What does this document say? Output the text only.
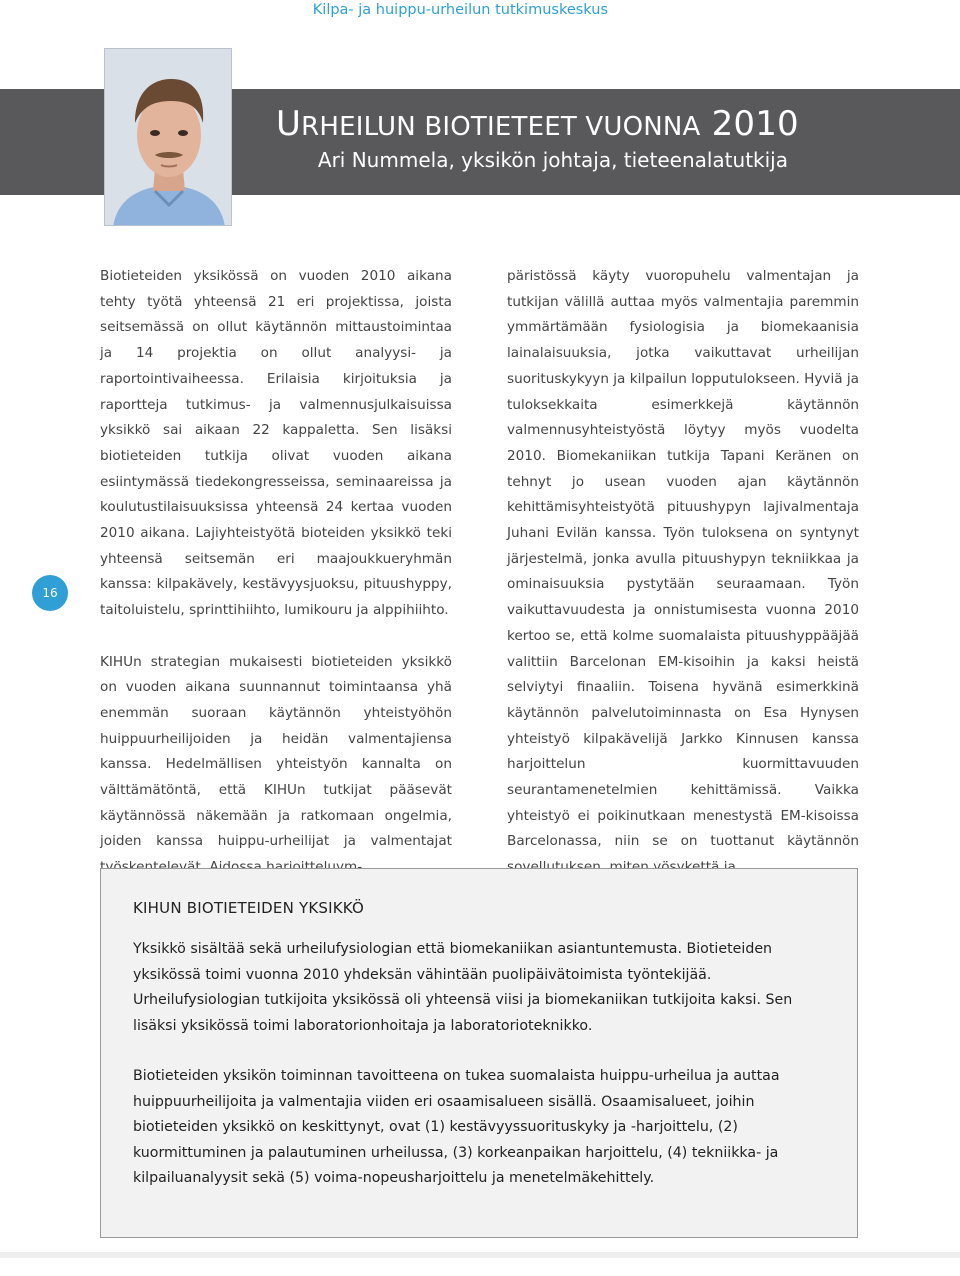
Kilpa- ja huippu-urheilun tutkimuskeskus
URHEILUN BIOTIETEET VUONNA 2010
Ari Nummela, yksikön johtaja, tieteenalatutkija
16

Biotieteiden yksikössä on vuoden 2010 aikana tehty työtä yhteensä 21 eri projektissa, joista seitsemässä on ollut käytännön mittaustoimintaa ja 14 projektia on ollut analyysi- ja raportointivaiheessa. Erilaisia kirjoituksia ja raportteja tutkimus- ja valmennusjulkaisuissa yksikkö sai aikaan 22 kappaletta. Sen lisäksi biotieteiden tutkija olivat vuoden aikana esiintymässä tiedekongresseissa, seminaareissa ja koulutustilaisuuksissa yhteensä 24 kertaa vuoden 2010 aikana. Lajiyhteistyötä bioteiden yksikkö teki yhteensä seitsemän eri maajoukkueryhmän kanssa: kilpakävely, kestävyysjuoksu, pituushyppy, taitoluistelu, sprinttihiihto, lumikouru ja alppihiihto.

KIHUn strategian mukaisesti biotieteiden yksikkö on vuoden aikana suunnannut toimintaansa yhä enemmän suoraan käytännön yhteistyöhön huippuurheilijoiden ja heidän valmentajiensa kanssa. Hedelmällisen yhteistyön kannalta on välttämätöntä, että KIHUn tutkijat pääsevät käytännössä näkemään ja ratkomaan ongelmia, joiden kanssa huippu-urheilijat ja valmentajat

päristössä käyty vuoropuhelu valmentajan ja tutkijan välillä auttaa myös valmentajia paremmin ymmärtämään fysiologisia ja biomekaanisia lainalaisuuksia, jotka vaikuttavat urheilijan suorituskykyyn ja kilpailun lopputulokseen. Hyviä ja tuloksekkaita esimerkkejä käytännön valmennusyhteistyöstä löytyy myös vuodelta 2010. Biomekaniikan tutkija Tapani Keränen on tehnyt jo usean vuoden ajan käytännön kehittämisyhteistyötä pituushypyn lajivalmentaja Juhani Evilän kanssa. Työn tuloksena on syntynyt järjestelmä, jonka avulla pituushypyn tekniikkaa ja ominaisuuksia pystytään seuraamaan. Työn vaikuttavuudesta ja onnistumisesta vuonna 2010 kertoo se, että kolme suomalaista pituushyppääjää valittiin Barcelonan EM-kisoihin ja kaksi heistä selviytyi finaaliin. Toisena hyvänä esimerkkinä käytännön palvelutoiminnasta on Esa Hynysen yhteistyö kilpakävelijä Jarkko Kinnusen kanssa harjoittelun kuormittavuuden seurantamenetelmien kehittämissä. Vaikka yhteistyö ei poikinutkaan menestystä EM-kisoissa Barcelonassa, niin se on tuottanut käytännön

KIHUN BIOTIETEIDEN YKSIKKÖ

Yksikkö sisältää sekä urheilufysiologian että biomekaniikan asiantuntemusta. Biotieteiden yksikössä toimi vuonna 2010 yhdeksän vähintään puolipäivätoimista työntekijää. Urheilufysiologian tutkijoita yksikössä oli yhteensä viisi ja biomekaniikan tutkijoita kaksi. Sen lisäksi yksikössä toimi laboratorionhoitaja ja laboratorioteknikko.

Biotieteiden yksikön toiminnan tavoitteena on tukea suomalaista huippu-urheilua ja auttaa huippuurheilijoita ja valmentajia viiden eri osaamisalueen sisällä. Osaamisalueet, joihin biotieteiden yksikkö on keskittynyt, ovat (1) kestävyyssuorituskyky ja -harjoittelu, (2) kuormittuminen ja palautuminen urheilussa, (3) korkeanpaikan harjoittelu, (4) tekniikka- ja kilpailuanalyysit sekä (5) voima-nopeusharjoittelu ja menetelmäkehittely.
